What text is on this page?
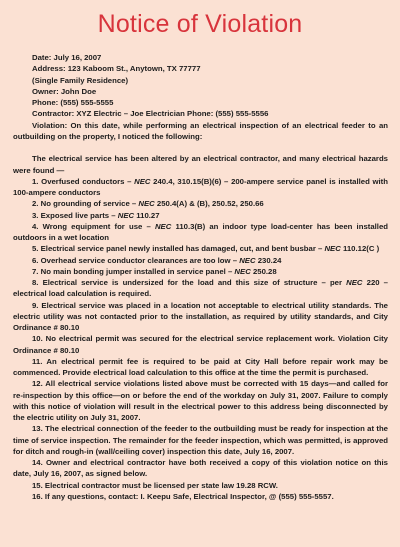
Notice of Violation
Date: July 16, 2007
Address: 123 Kaboom St., Anytown, TX 77777
(Single Family Residence)
Owner: John Doe
Phone: (555) 555-5555
Contractor: XYZ Electric – Joe Electrician Phone: (555) 555-5556
Violation: On this date, while performing an electrical inspection of an electrical feeder to an outbuilding on the property, I noticed the following:
The electrical service has been altered by an electrical contractor, and many electrical hazards were found —
1. Overfused conductors – NEC 240.4, 310.15(B)(6) – 200-ampere service panel is installed with 100-ampere conductors
2. No grounding of service – NEC 250.4(A) & (B), 250.52, 250.66
3. Exposed live parts – NEC 110.27
4. Wrong equipment for use – NEC 110.3(B) an indoor type load-center has been installed outdoors in a wet location
5. Electrical service panel newly installed has damaged, cut, and bent busbar – NEC 110.12(C )
6. Overhead service conductor clearances are too low – NEC 230.24
7. No main bonding jumper installed in service panel – NEC 250.28
8. Electrical service is undersized for the load and this size of structure – per NEC 220 – electrical load calculation is required.
9. Electrical service was placed in a location not acceptable to electrical utility standards. The electric utility was not contacted prior to the installation, as required by utility standards, and City Ordinance # 80.10
10. No electrical permit was secured for the electrical service replacement work. Violation City Ordinance # 80.10
11. An electrical permit fee is required to be paid at City Hall before repair work may be commenced. Provide electrical load calculation to this office at the time the permit is purchased.
12. All electrical service violations listed above must be corrected with 15 days—and called for re-inspection by this office—on or before the end of the workday on July 31, 2007. Failure to comply with this notice of violation will result in the electrical power to this address being disconnected by the electric utility on July 31, 2007.
13. The electrical connection of the feeder to the outbuilding must be ready for inspection at the time of service inspection. The remainder for the feeder inspection, which was permitted, is approved for ditch and rough-in (wall/ceiling cover) inspection this date, July 16, 2007.
14. Owner and electrical contractor have both received a copy of this violation notice on this date, July 16, 2007, as signed below.
15. Electrical contractor must be licensed per state law 19.28 RCW.
16. If any questions, contact: I. Keepu Safe, Electrical Inspector, @ (555) 555-5557.
